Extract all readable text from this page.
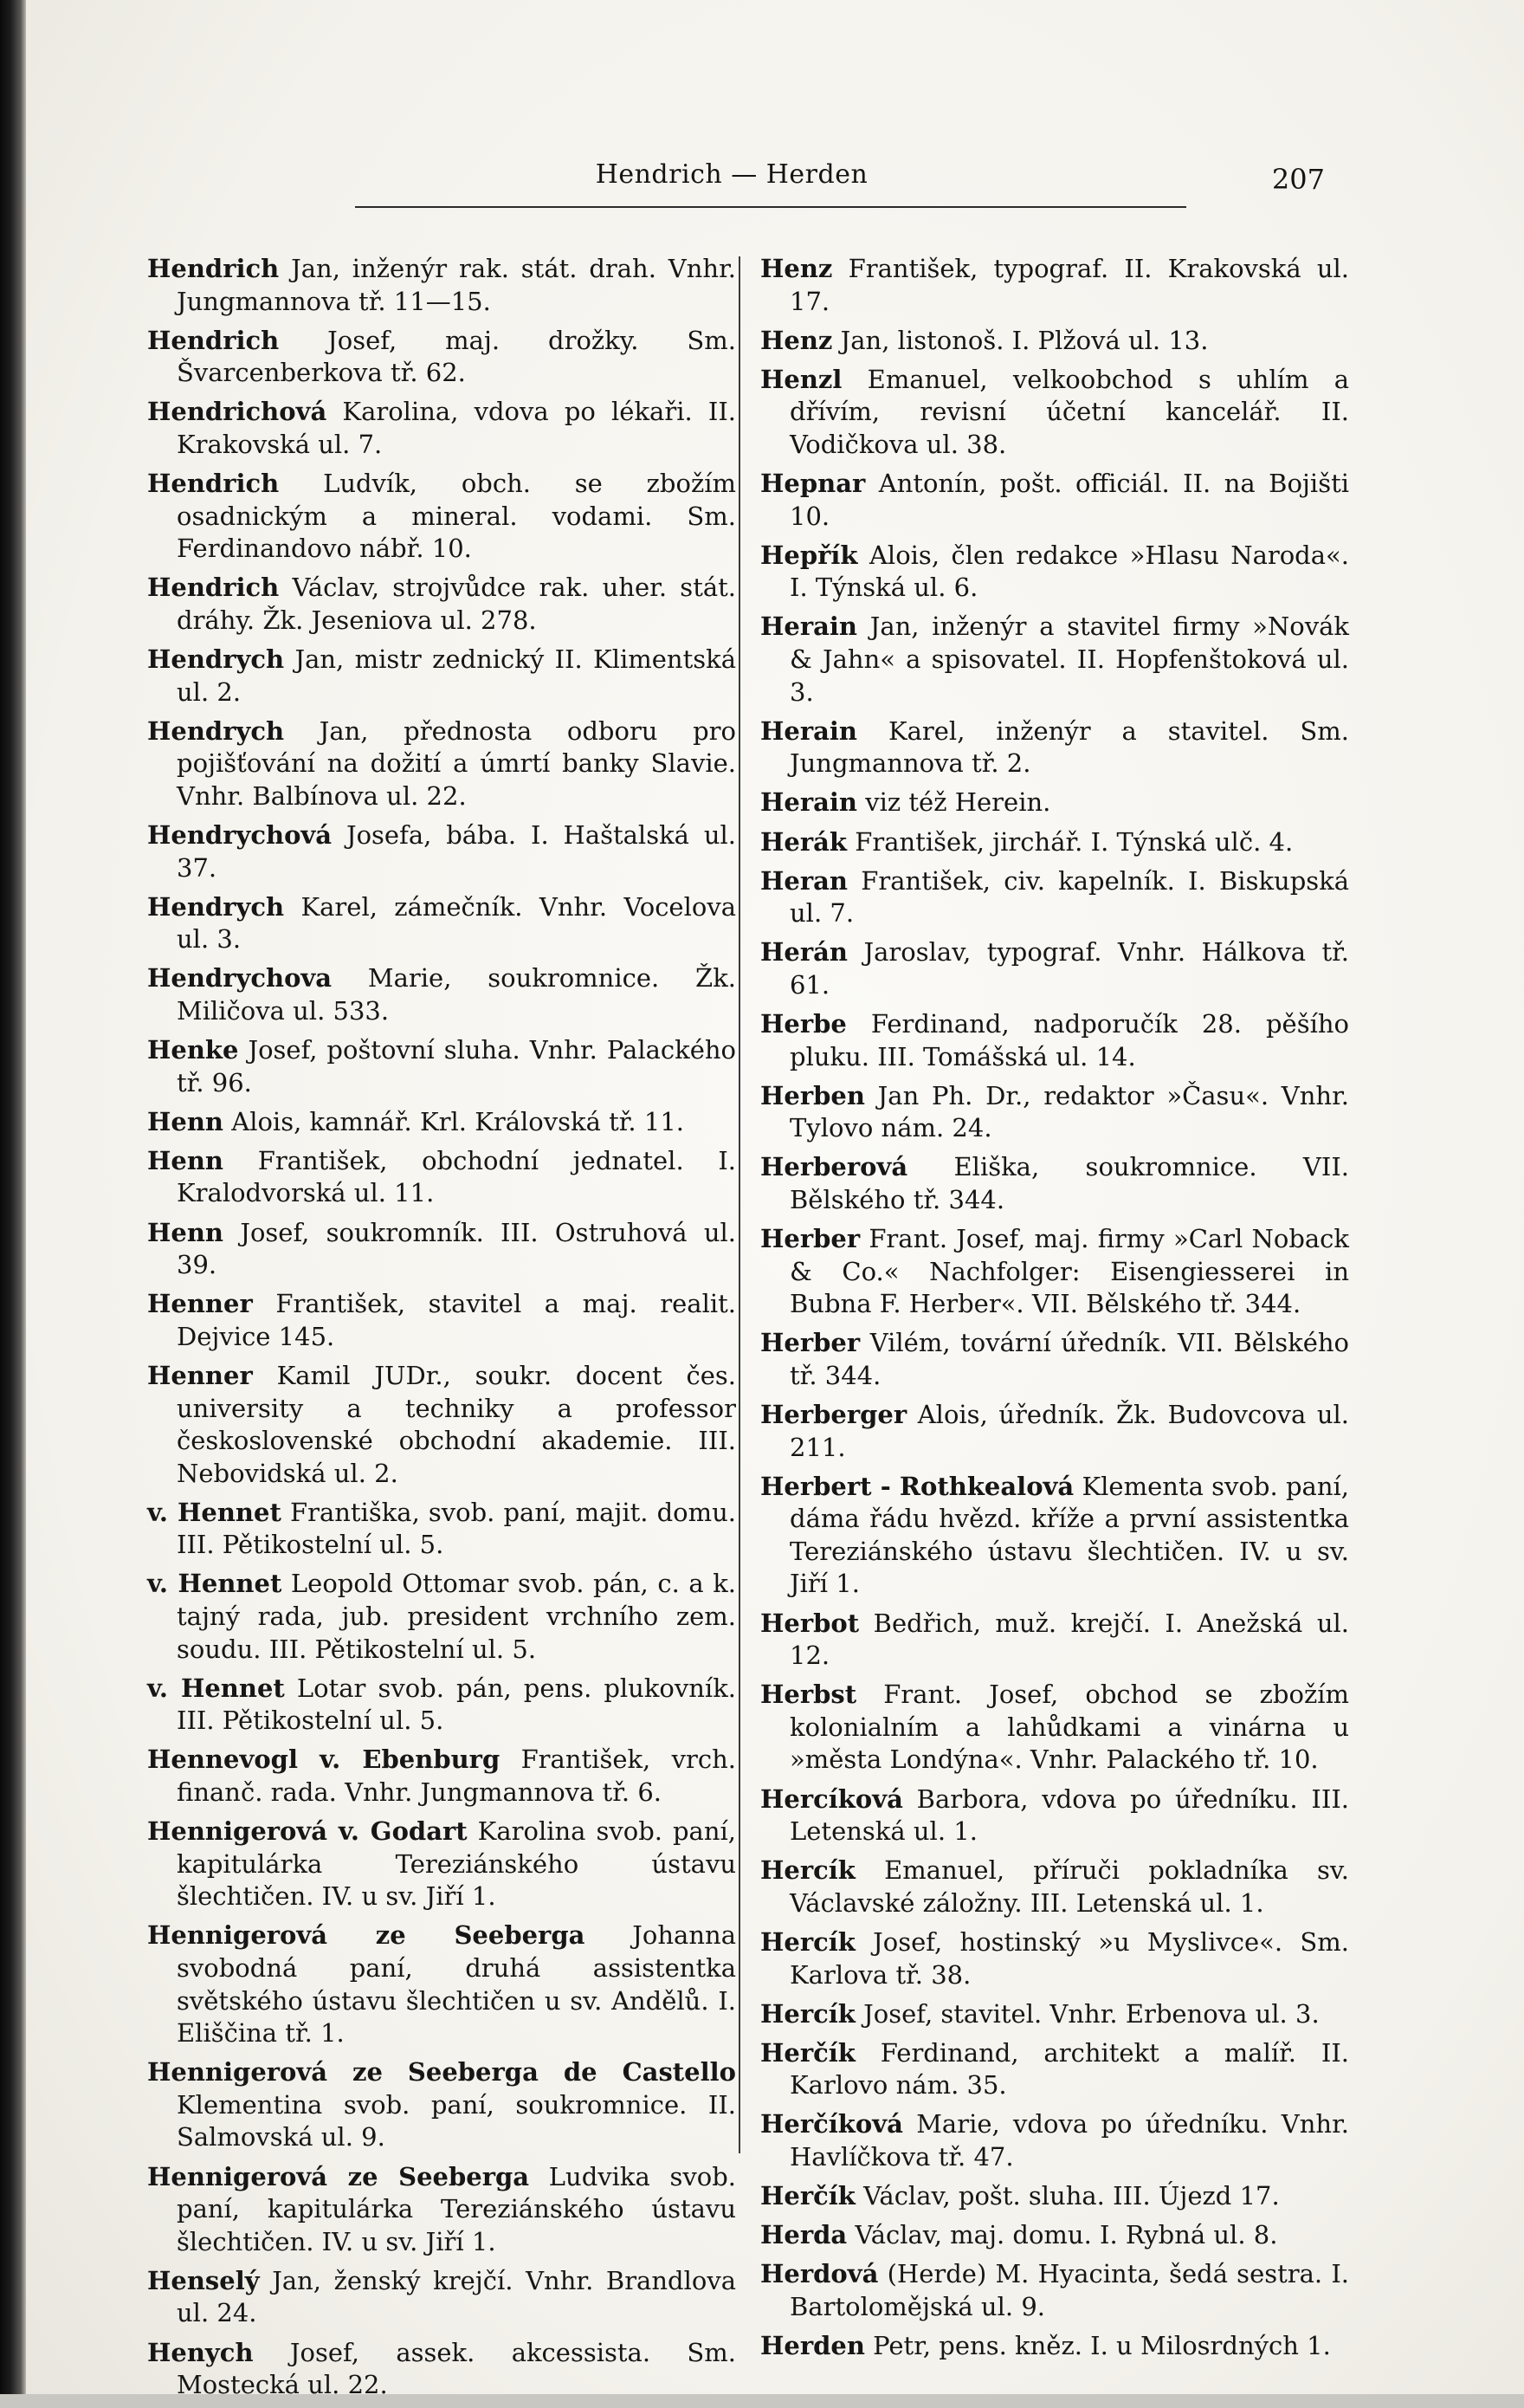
Hendrich — Herden	207

Hendrich Jan, inženýr rak. stát. drah. Vnhr. Jungmannova tř. 11—15.

Hendrich Josef, maj. drožky. Sm. Švarcenberkova tř. 62.

Hendrichová Karolina, vdova po lékaři. II. Krakovská ul. 7.

Hendrich Ludvík, obch. se zbožím osadnickým a mineral. vodami. Sm. Ferdinandovo nábř. 10.

Hendrich Václav, strojvůdce rak. uher. stát. dráhy. Žk. Jeseniova ul. 278.

Hendrych Jan, mistr zednický II. Klimentská ul. 2.

Hendrych Jan, přednosta odboru pro pojišťování na dožití a úmrtí banky Slavie. Vnhr. Balbínova ul. 22.

Hendrychová Josefa, bába. I. Haštalská ul. 37.

Hendrych Karel, zámečník. Vnhr. Vocelova ul. 3.

Hendrychova Marie, soukromnice. Žk. Miličova ul. 533.

Henke Josef, poštovní sluha. Vnhr. Palackého tř. 96.

Henn Alois, kamnář. Krl. Královská tř. 11.

Henn František, obchodní jednatel. I. Kralodvorská ul. 11.

Henn Josef, soukromník. III. Ostruhová ul. 39.

Henner František, stavitel a maj. realit. Dejvice 145.

Henner Kamil JUDr., soukr. docent čes. university a techniky a professor československé obchodní akademie. III. Nebovidská ul. 2.

v. Hennet Františka, svob. paní, majit. domu. III. Pětikostelní ul. 5.

v. Hennet Leopold Ottomar svob. pán, c. a k. tajný rada, jub. president vrchního zem. soudu. III. Pětikostelní ul. 5.

v. Hennet Lotar svob. pán, pens. plukovník. III. Pětikostelní ul. 5.

Hennevogl v. Ebenburg František, vrch. finanč. rada. Vnhr. Jungmannova tř. 6.

Hennigerová v. Godart Karolina svob. paní, kapitulárka Tereziánského ústavu šlechtičen. IV. u sv. Jiří 1.

Hennigerová ze Seeberga Johanna svobodná paní, druhá assistentka světského ústavu šlechtičen u sv. Andělů. I. Eliščina tř. 1.

Hennigerová ze Seeberga de Castello Klementina svob. paní, soukromnice. II. Salmovská ul. 9.

Hennigerová ze Seeberga Ludvika svob. paní, kapitulárka Tereziánského ústavu šlechtičen. IV. u sv. Jiří 1.

Henselý Jan, ženský krejčí. Vnhr. Brandlova ul. 24.

Henych Josef, assek. akcessista. Sm. Mostecká ul. 22.

Henz František, typograf. II. Krakovská ul. 17.

Henz Jan, listonoš. I. Plžová ul. 13.

Henzl Emanuel, velkoobchod s uhlím a dřívím, revisní účetní kancelář. II. Vodičkova ul. 38.

Hepnar Antonín, pošt. officiál. II. na Bojišti 10.

Hepřík Alois, člen redakce »Hlasu Naroda«. I. Týnská ul. 6.

Herain Jan, inženýr a stavitel firmy »Novák & Jahn« a spisovatel. II. Hopfenštoková ul. 3.

Herain Karel, inženýr a stavitel. Sm. Jungmannova tř. 2.

Herain viz též Herein.

Herák František, jirchář. I. Týnská ulč. 4.

Heran František, civ. kapelník. I. Biskupská ul. 7.

Herán Jaroslav, typograf. Vnhr. Hálkova tř. 61.

Herbe Ferdinand, nadporučík 28. pěšího pluku. III. Tomášská ul. 14.

Herben Jan Ph. Dr., redaktor »Času«. Vnhr. Tylovo nám. 24.

Herberová Eliška, soukromnice. VII. Bělského tř. 344.

Herber Frant. Josef, maj. firmy »Carl Noback & Co.« Nachfolger: Eisengiesserei in Bubna F. Herber«. VII. Bělského tř. 344.

Herber Vilém, tovární úředník. VII. Bělského tř. 344.

Herberger Alois, úředník. Žk. Budovcova ul. 211.

Herbert - Rothkealová Klementa svob. paní, dáma řádu hvězd. kříže a první assistentka Tereziánského ústavu šlechtičen. IV. u sv. Jiří 1.

Herbot Bedřich, muž. krejčí. I. Anežská ul. 12.

Herbst Frant. Josef, obchod se zbožím kolonialním a lahůdkami a vinárna u »města Londýna«. Vnhr. Palackého tř. 10.

Hercíková Barbora, vdova po úředníku. III. Letenská ul. 1.

Hercík Emanuel, příruči pokladníka sv. Václavské záložny. III. Letenská ul. 1.

Hercík Josef, hostinský »u Myslivce«. Sm. Karlova tř. 38.

Hercík Josef, stavitel. Vnhr. Erbenova ul. 3.

Herčík Ferdinand, architekt a malíř. II. Karlovo nám. 35.

Herčíková Marie, vdova po úředníku. Vnhr. Havlíčkova tř. 47.

Herčík Václav, pošt. sluha. III. Újezd 17.

Herda Václav, maj. domu. I. Rybná ul. 8.

Herdová (Herde) M. Hyacinta, šedá sestra. I. Bartolomějská ul. 9.

Herden Petr, pens. kněz. I. u Milosrdných 1.
